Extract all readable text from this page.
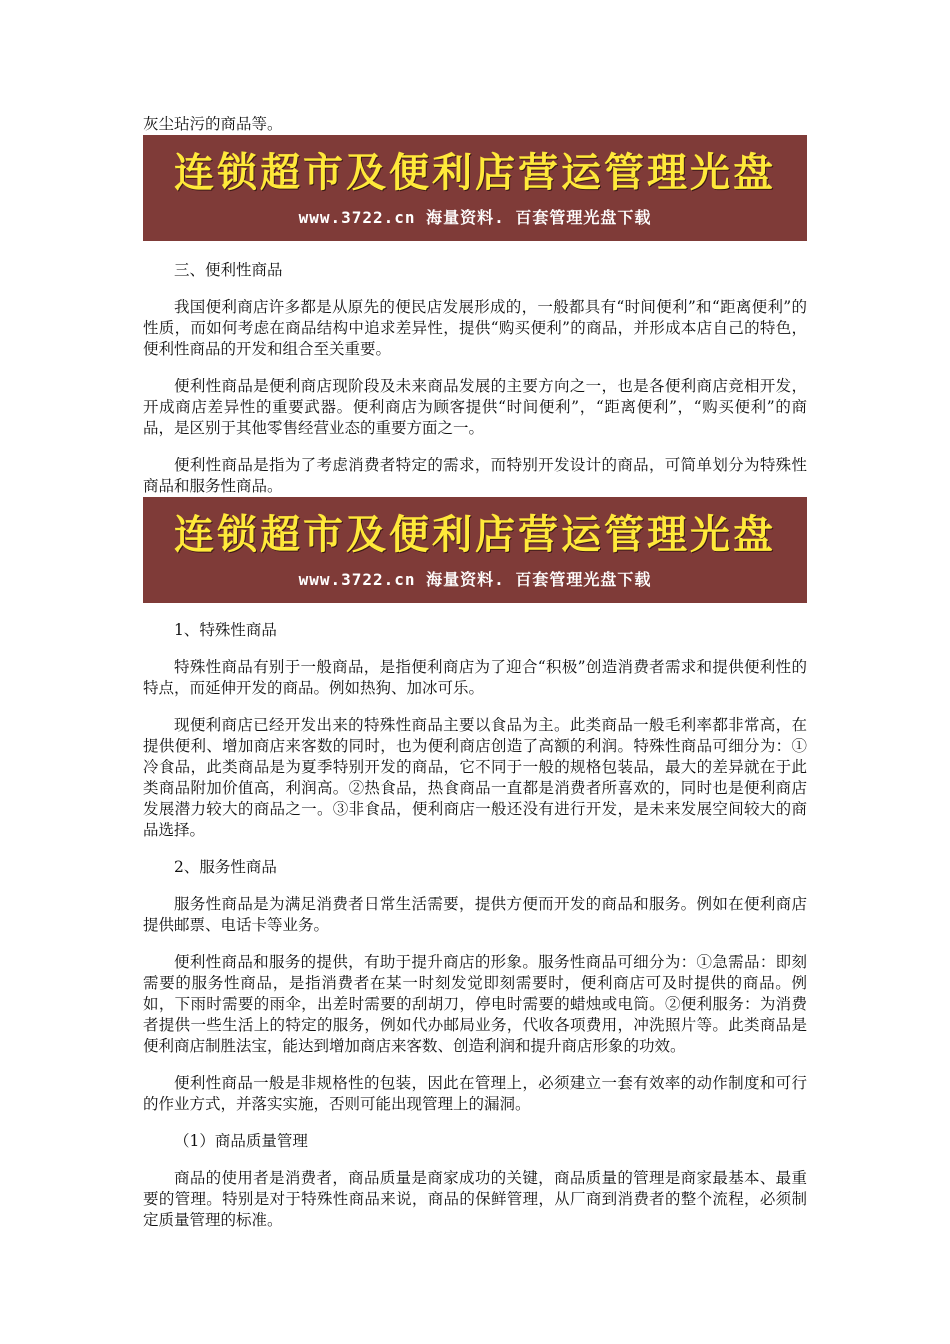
灰尘玷污的商品等。

连锁超市及便利店营运管理光盘
www.3722.cn 海量资料. 百套管理光盘下载

三、便利性商品

我国便利商店许多都是从原先的便民店发展形成的，一般都具有“时间便利”和“距离便利”的性质，而如何考虑在商品结构中追求差异性，提供“购买便利”的商品，并形成本店自己的特色，便利性商品的开发和组合至关重要。

便利性商品是便利商店现阶段及未来商品发展的主要方向之一，也是各便利商店竞相开发，开成商店差异性的重要武器。便利商店为顾客提供“时间便利”，“距离便利”，“购买便利”的商品，是区别于其他零售经营业态的重要方面之一。

便利性商品是指为了考虑消费者特定的需求，而特别开发设计的商品，可简单划分为特殊性商品和服务性商品。

连锁超市及便利店营运管理光盘
www.3722.cn 海量资料. 百套管理光盘下载

1、特殊性商品

特殊性商品有别于一般商品，是指便利商店为了迎合“积极”创造消费者需求和提供便利性的特点，而延伸开发的商品。例如热狗、加冰可乐。

现便利商店已经开发出来的特殊性商品主要以食品为主。此类商品一般毛利率都非常高，在提供便利、增加商店来客数的同时，也为便利商店创造了高额的利润。特殊性商品可细分为：①冷食品，此类商品是为夏季特别开发的商品，它不同于一般的规格包装品，最大的差异就在于此类商品附加价值高，利润高。②热食品，热食商品一直都是消费者所喜欢的，同时也是便利商店发展潜力较大的商品之一。③非食品，便利商店一般还没有进行开发，是未来发展空间较大的商品选择。

2、服务性商品

服务性商品是为满足消费者日常生活需要，提供方便而开发的商品和服务。例如在便利商店提供邮票、电话卡等业务。

便利性商品和服务的提供，有助于提升商店的形象。服务性商品可细分为：①急需品：即刻需要的服务性商品，是指消费者在某一时刻发觉即刻需要时，便利商店可及时提供的商品。例如，下雨时需要的雨伞，出差时需要的刮胡刀，停电时需要的蜡烛或电筒。②便利服务：为消费者提供一些生活上的特定的服务，例如代办邮局业务，代收各项费用，冲洗照片等。此类商品是便利商店制胜法宝，能达到增加商店来客数、创造利润和提升商店形象的功效。

便利性商品一般是非规格性的包装，因此在管理上，必须建立一套有效率的动作制度和可行的作业方式，并落实实施，否则可能出现管理上的漏洞。

（1）商品质量管理

商品的使用者是消费者，商品质量是商家成功的关键，商品质量的管理是商家最基本、最重要的管理。特别是对于特殊性商品来说，商品的保鲜管理，从厂商到消费者的整个流程，必须制定质量管理的标准。
